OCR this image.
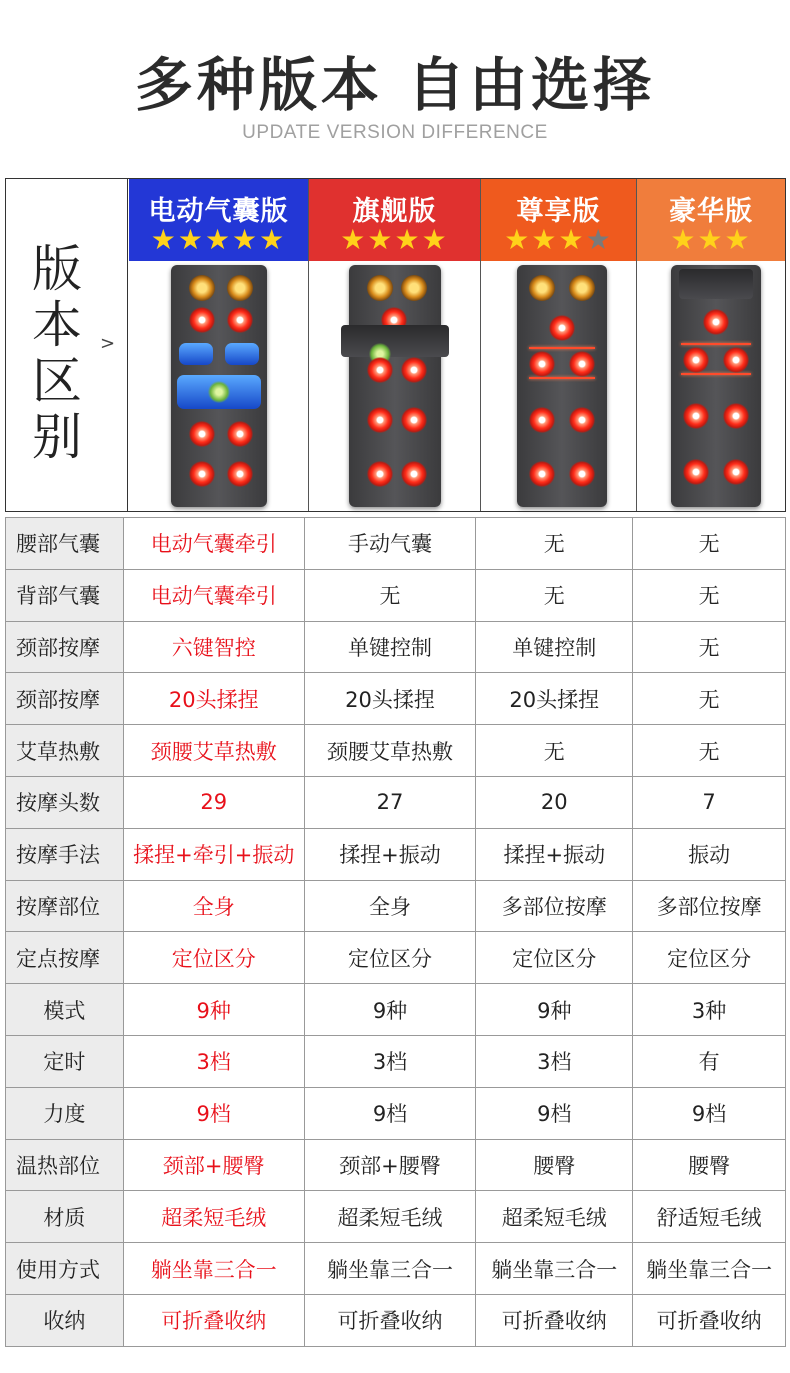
多种版本 自由选择
UPDATE VERSION DIFFERENCE
版
本
区
别
>
电动气囊版
★★★★★
旗舰版
★★★★
尊享版
★★★★
豪华版
★★★
腰部气囊	电动气囊牵引	手动气囊	无	无
背部气囊	电动气囊牵引	无	无	无
颈部按摩	六键智控	单键控制	单键控制	无
颈部按摩	20头揉捏	20头揉捏	20头揉捏	无
艾草热敷	颈腰艾草热敷	颈腰艾草热敷	无	无
按摩头数	29	27	20	7
按摩手法	揉捏+牵引+振动	揉捏+振动	揉捏+振动	振动
按摩部位	全身	全身	多部位按摩	多部位按摩
定点按摩	定位区分	定位区分	定位区分	定位区分
模式	9种	9种	9种	3种
定时	3档	3档	3档	有
力度	9档	9档	9档	9档
温热部位	颈部+腰臀	颈部+腰臀	腰臀	腰臀
材质	超柔短毛绒	超柔短毛绒	超柔短毛绒	舒适短毛绒
使用方式	躺坐靠三合一	躺坐靠三合一	躺坐靠三合一	躺坐靠三合一
收纳	可折叠收纳	可折叠收纳	可折叠收纳	可折叠收纳
